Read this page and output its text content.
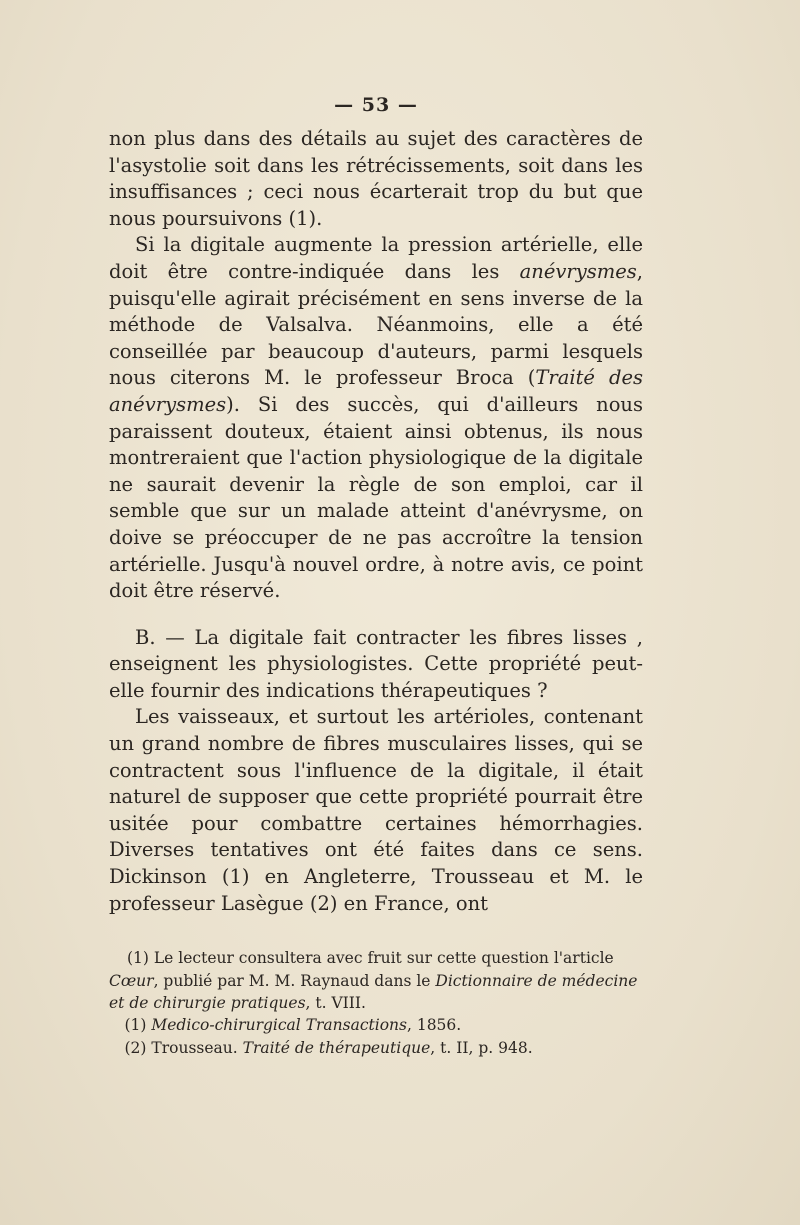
— 53 —

non plus dans des détails au sujet des caractères de l'asystolie soit dans les rétrécissements, soit dans les insuffisances ; ceci nous écarterait trop du but que nous poursuivons (1).

Si la digitale augmente la pression artérielle, elle doit être contre-indiquée dans les anévrysmes, puisqu'elle agirait précisément en sens inverse de la méthode de Valsalva. Néanmoins, elle a été conseillée par beaucoup d'auteurs, parmi lesquels nous citerons M. le professeur Broca (Traité des anévrysmes). Si des succès, qui d'ailleurs nous paraissent douteux, étaient ainsi obtenus, ils nous montreraient que l'action physiologique de la digitale ne saurait devenir la règle de son emploi, car il semble que sur un malade atteint d'anévrysme, on doive se préoccuper de ne pas accroître la tension artérielle. Jusqu'à nouvel ordre, à notre avis, ce point doit être réservé.

B. — La digitale fait contracter les fibres lisses , enseignent les physiologistes. Cette propriété peut-elle fournir des indications thérapeutiques ?

Les vaisseaux, et surtout les artérioles, contenant un grand nombre de fibres musculaires lisses, qui se contractent sous l'influence de la digitale, il était naturel de supposer que cette propriété pourrait être usitée pour combattre certaines hémorrhagies. Diverses tentatives ont été faites dans ce sens. Dickinson (1) en Angleterre, Trousseau et M. le professeur Lasègue (2) en France, ont

(1) Le lecteur consultera avec fruit sur cette question l'article Cœur, publié par M. M. Raynaud dans le Dictionnaire de médecine et de chirurgie pratiques, t. VIII.

 (1) Medico-chirurgical Transactions, 1856.

 (2) Trousseau. Traité de thérapeutique, t. II, p. 948.
